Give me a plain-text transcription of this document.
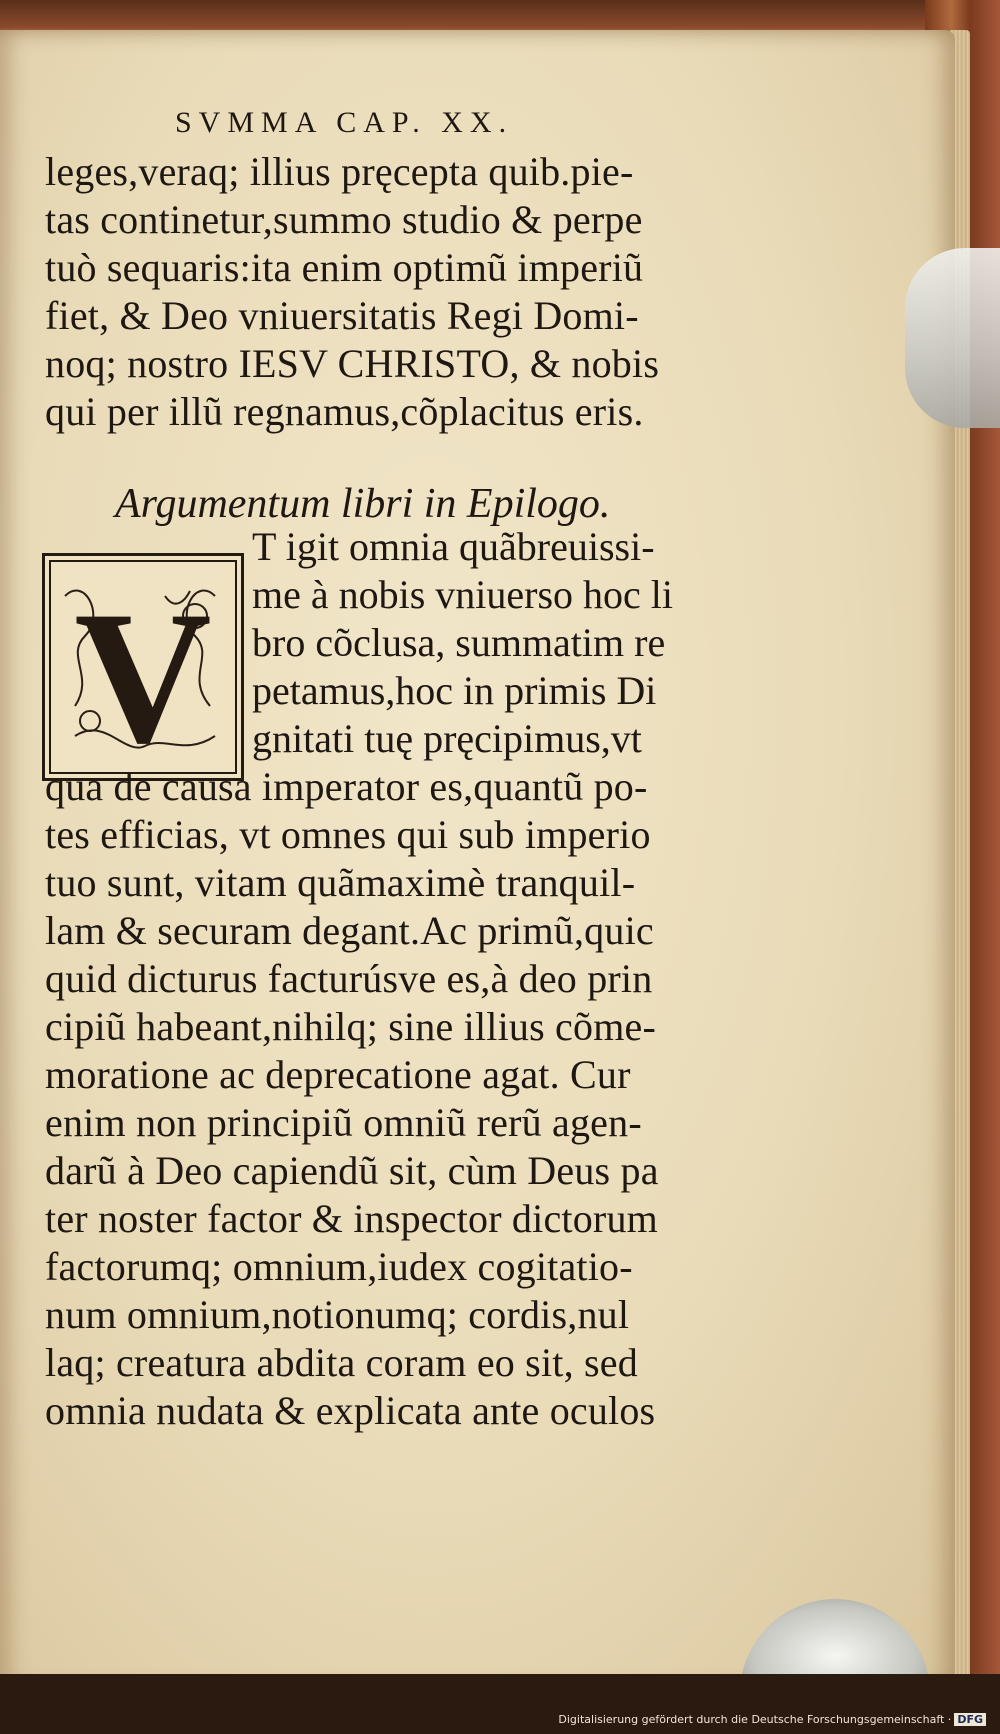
SVMMA CAP. XX.
leges,veraq; illius pręcepta quib.pie-
tas continetur,summo studio & perpe
tuò sequaris:ita enim optimũ imperiũ
fiet, & Deo vniuersitatis Regi Domi-
noq; nostro IESV CHRISTO, & nobis
qui per illũ regnamus,cõplacitus eris.
Argumentum libri in Epilogo.
V
T igit omnia quãbreuissi-
me à nobis vniuerso hoc li
bro cõclusa, summatim re
petamus,hoc in primis Di
gnitati tuę pręcipimus,vt
qua de causa imperator es,quantũ po-
tes efficias, vt omnes qui sub imperio
tuo sunt, vitam quãmaximè tranquil-
lam & securam degant.Ac primũ,quic
quid dicturus facturúsve es,à deo prin
cipiũ habeant,nihilq; sine illius cõme-
moratione ac deprecatione agat. Cur
enim non principiũ omniũ rerũ agen-
darũ à Deo capiendũ sit, cùm Deus pa
ter noster factor & inspector dictorum
factorumq; omnium,iudex cogitatio-
num omnium,notionumq; cordis,nul
laq; creatura abdita coram eo sit, sed
omnia nudata & explicata ante oculos
Digitalisierung gefördert durch die Deutsche Forschungsgemeinschaft · DFG
